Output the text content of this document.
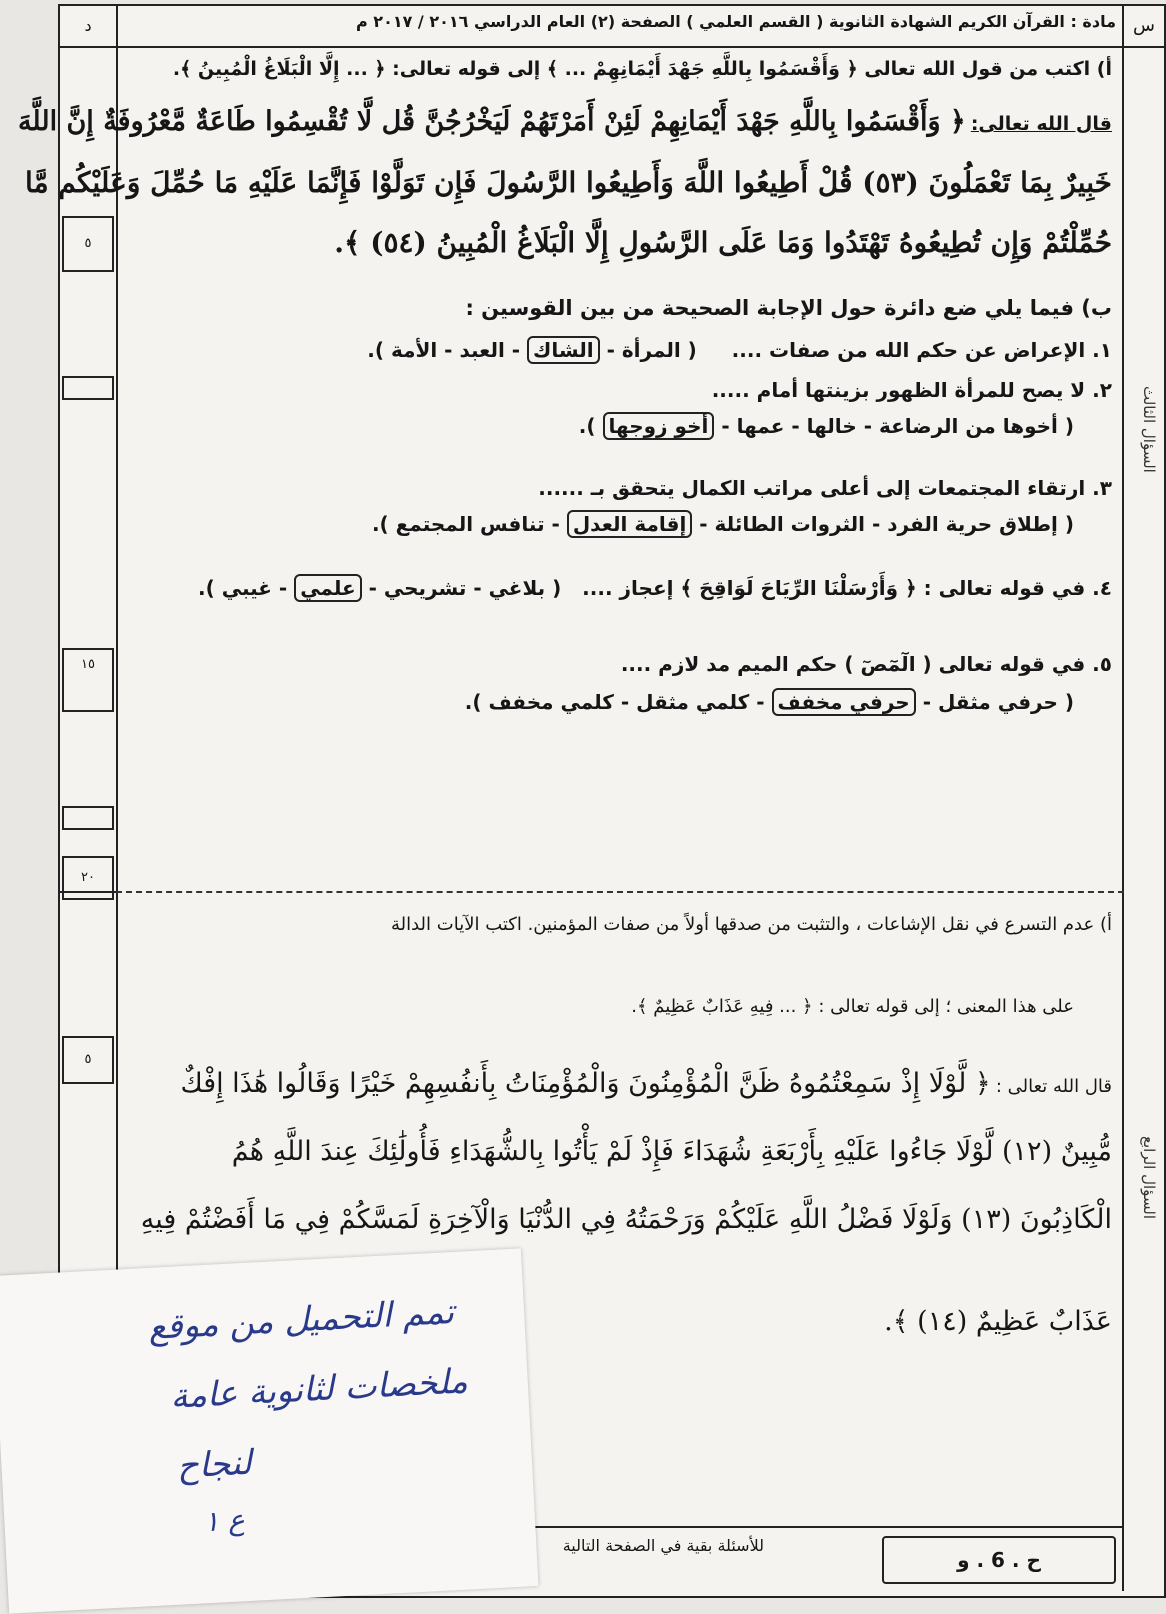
س
مادة : القرآن الكريم الشهادة الثانوية ( القسم العلمي ) الصفحة (٢) العام الدراسي ٢٠١٦ / ٢٠١٧ م
د
٥
١٥
٢٠
٥
السؤال الثالث
السؤال الرابع
أ) اكتب من قول الله تعالى ﴿ وَأَقْسَمُوا بِاللَّهِ جَهْدَ أَيْمَانِهِمْ ... ﴾ إلى قوله تعالى: ﴿ ... إِلَّا الْبَلَاغُ الْمُبِينُ ﴾.
قال الله تعالى: ﴿ وَأَقْسَمُوا بِاللَّهِ جَهْدَ أَيْمَانِهِمْ لَئِنْ أَمَرْتَهُمْ لَيَخْرُجُنَّ قُل لَّا تُقْسِمُوا طَاعَةٌ مَّعْرُوفَةٌ إِنَّ اللَّهَ
خَبِيرٌ بِمَا تَعْمَلُونَ (٥٣) قُلْ أَطِيعُوا اللَّهَ وَأَطِيعُوا الرَّسُولَ فَإِن تَوَلَّوْا فَإِنَّمَا عَلَيْهِ مَا حُمِّلَ وَعَلَيْكُم مَّا
حُمِّلْتُمْ وَإِن تُطِيعُوهُ تَهْتَدُوا وَمَا عَلَى الرَّسُولِ إِلَّا الْبَلَاغُ الْمُبِينُ (٥٤) ﴾.
ب) فيما يلي ضع دائرة حول الإجابة الصحيحة من بين القوسين :
١. الإعراض عن حكم الله من صفات ....     ( المرأة - الشاك - العبد - الأمة ).
٢. لا يصح للمرأة الظهور بزينتها أمام .....
( أخوها من الرضاعة - خالها - عمها - أخو زوجها ).
٣. ارتقاء المجتمعات إلى أعلى مراتب الكمال يتحقق بـ ......
( إطلاق حرية الفرد - الثروات الطائلة - إقامة العدل - تنافس المجتمع ).
٤. في قوله تعالى : ﴿ وَأَرْسَلْنَا الرِّيَاحَ لَوَاقِحَ ﴾ إعجاز ....   ( بلاغي - تشريحي - علمي - غيبي ).
٥. في قوله تعالى ( الٓمٓصٓ ) حكم الميم مد لازم ....
( حرفي مثقل - حرفي مخفف - كلمي مثقل - كلمي مخفف ).
أ) عدم التسرع في نقل الإشاعات ، والتثبت من صدقها أولاً من صفات المؤمنين. اكتب الآيات الدالة
على هذا المعنى ؛ إلى قوله تعالى : ﴿ ... فِيهِ عَذَابٌ عَظِيمٌ ﴾.
قال الله تعالى : ﴿ لَّوْلَا إِذْ سَمِعْتُمُوهُ ظَنَّ الْمُؤْمِنُونَ وَالْمُؤْمِنَاتُ بِأَنفُسِهِمْ خَيْرًا وَقَالُوا هَٰذَا إِفْكٌ
مُّبِينٌ (١٢) لَّوْلَا جَاءُوا عَلَيْهِ بِأَرْبَعَةِ شُهَدَاءَ فَإِذْ لَمْ يَأْتُوا بِالشُّهَدَاءِ فَأُولَٰئِكَ عِندَ اللَّهِ هُمُ
الْكَاذِبُونَ (١٣) وَلَوْلَا فَضْلُ اللَّهِ عَلَيْكُمْ وَرَحْمَتُهُ فِي الدُّنْيَا وَالْآخِرَةِ لَمَسَّكُمْ فِي مَا أَفَضْتُمْ فِيهِ
عَذَابٌ عَظِيمٌ (١٤) ﴾.
ح . 6 . و
للأسئلة بقية في الصفحة التالية
تمم التحميل من موقع
ملخصات لثانوية عامة
لنجاح
ع ١
